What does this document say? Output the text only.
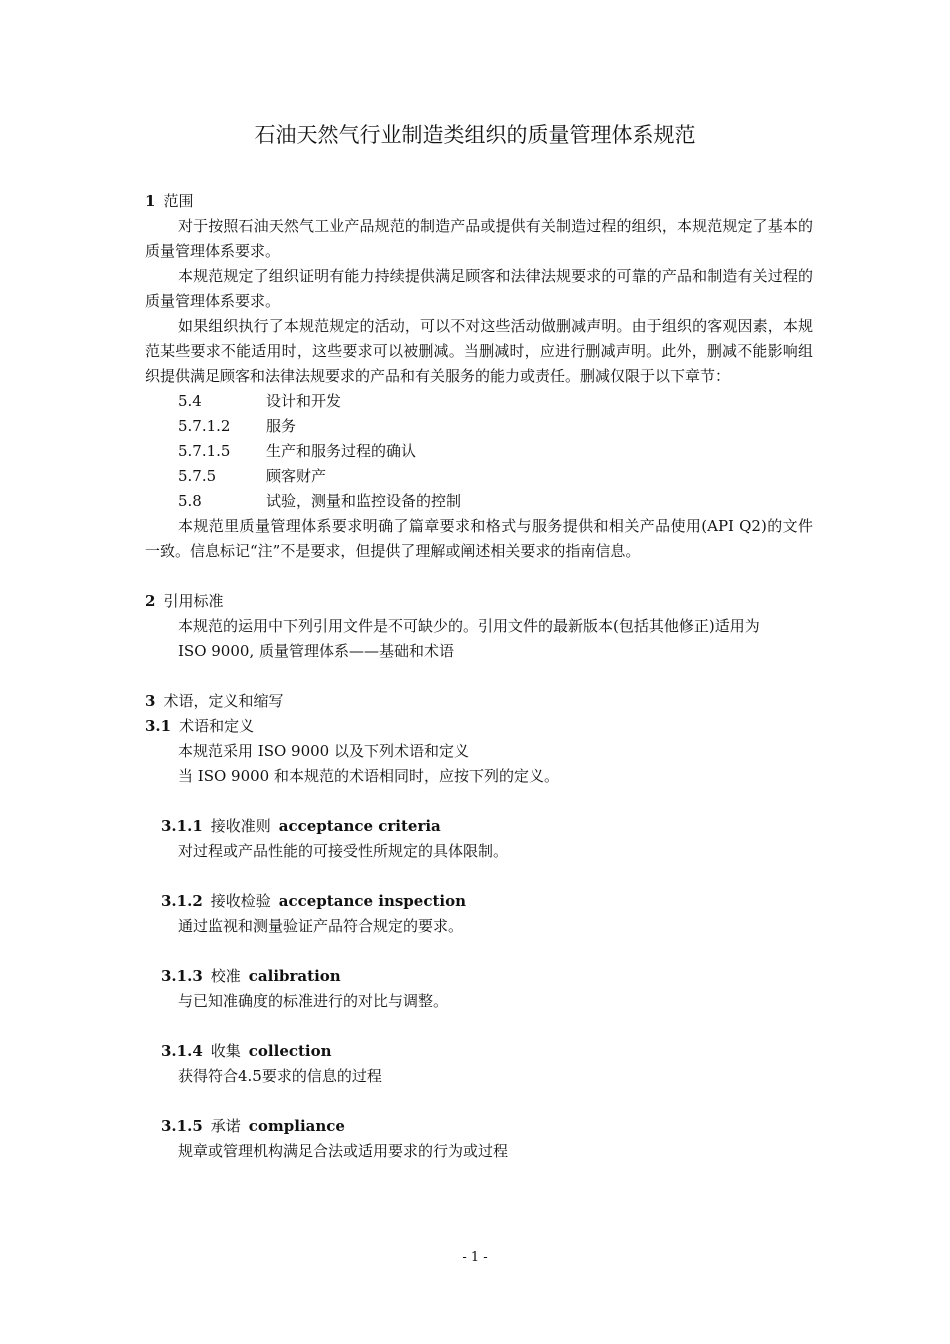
石油天然气行业制造类组织的质量管理体系规范

1 范围

对于按照石油天然气工业产品规范的制造产品或提供有关制造过程的组织，本规范规定了基本的质量管理体系要求。

本规范规定了组织证明有能力持续提供满足顾客和法律法规要求的可靠的产品和制造有关过程的质量管理体系要求。

如果组织执行了本规范规定的活动，可以不对这些活动做删减声明。由于组织的客观因素，本规范某些要求不能适用时，这些要求可以被删减。当删减时，应进行删减声明。此外，删减不能影响组织提供满足顾客和法律法规要求的产品和有关服务的能力或责任。删减仅限于以下章节：

5.4	设计和开发
5.7.1.2	服务
5.7.1.5	生产和服务过程的确认
5.7.5	顾客财产
5.8	试验，测量和监控设备的控制

本规范里质量管理体系要求明确了篇章要求和格式与服务提供和相关产品使用(API Q2)的文件一致。信息标记“注”不是要求，但提供了理解或阐述相关要求的指南信息。

2 引用标准

本规范的运用中下列引用文件是不可缺少的。引用文件的最新版本(包括其他修正)适用为

ISO 9000, 质量管理体系——基础和术语

3 术语，定义和缩写

3.1 术语和定义

本规范采用 ISO 9000 以及下列术语和定义

当 ISO 9000 和本规范的术语相同时，应按下列的定义。

3.1.1 接收准则 acceptance criteria

对过程或产品性能的可接受性所规定的具体限制。

3.1.2 接收检验 acceptance inspection

通过监视和测量验证产品符合规定的要求。

3.1.3 校准 calibration

与已知准确度的标准进行的对比与调整。

3.1.4 收集 collection

获得符合4.5要求的信息的过程

3.1.5 承诺 compliance

规章或管理机构满足合法或适用要求的行为或过程

- 1 -
